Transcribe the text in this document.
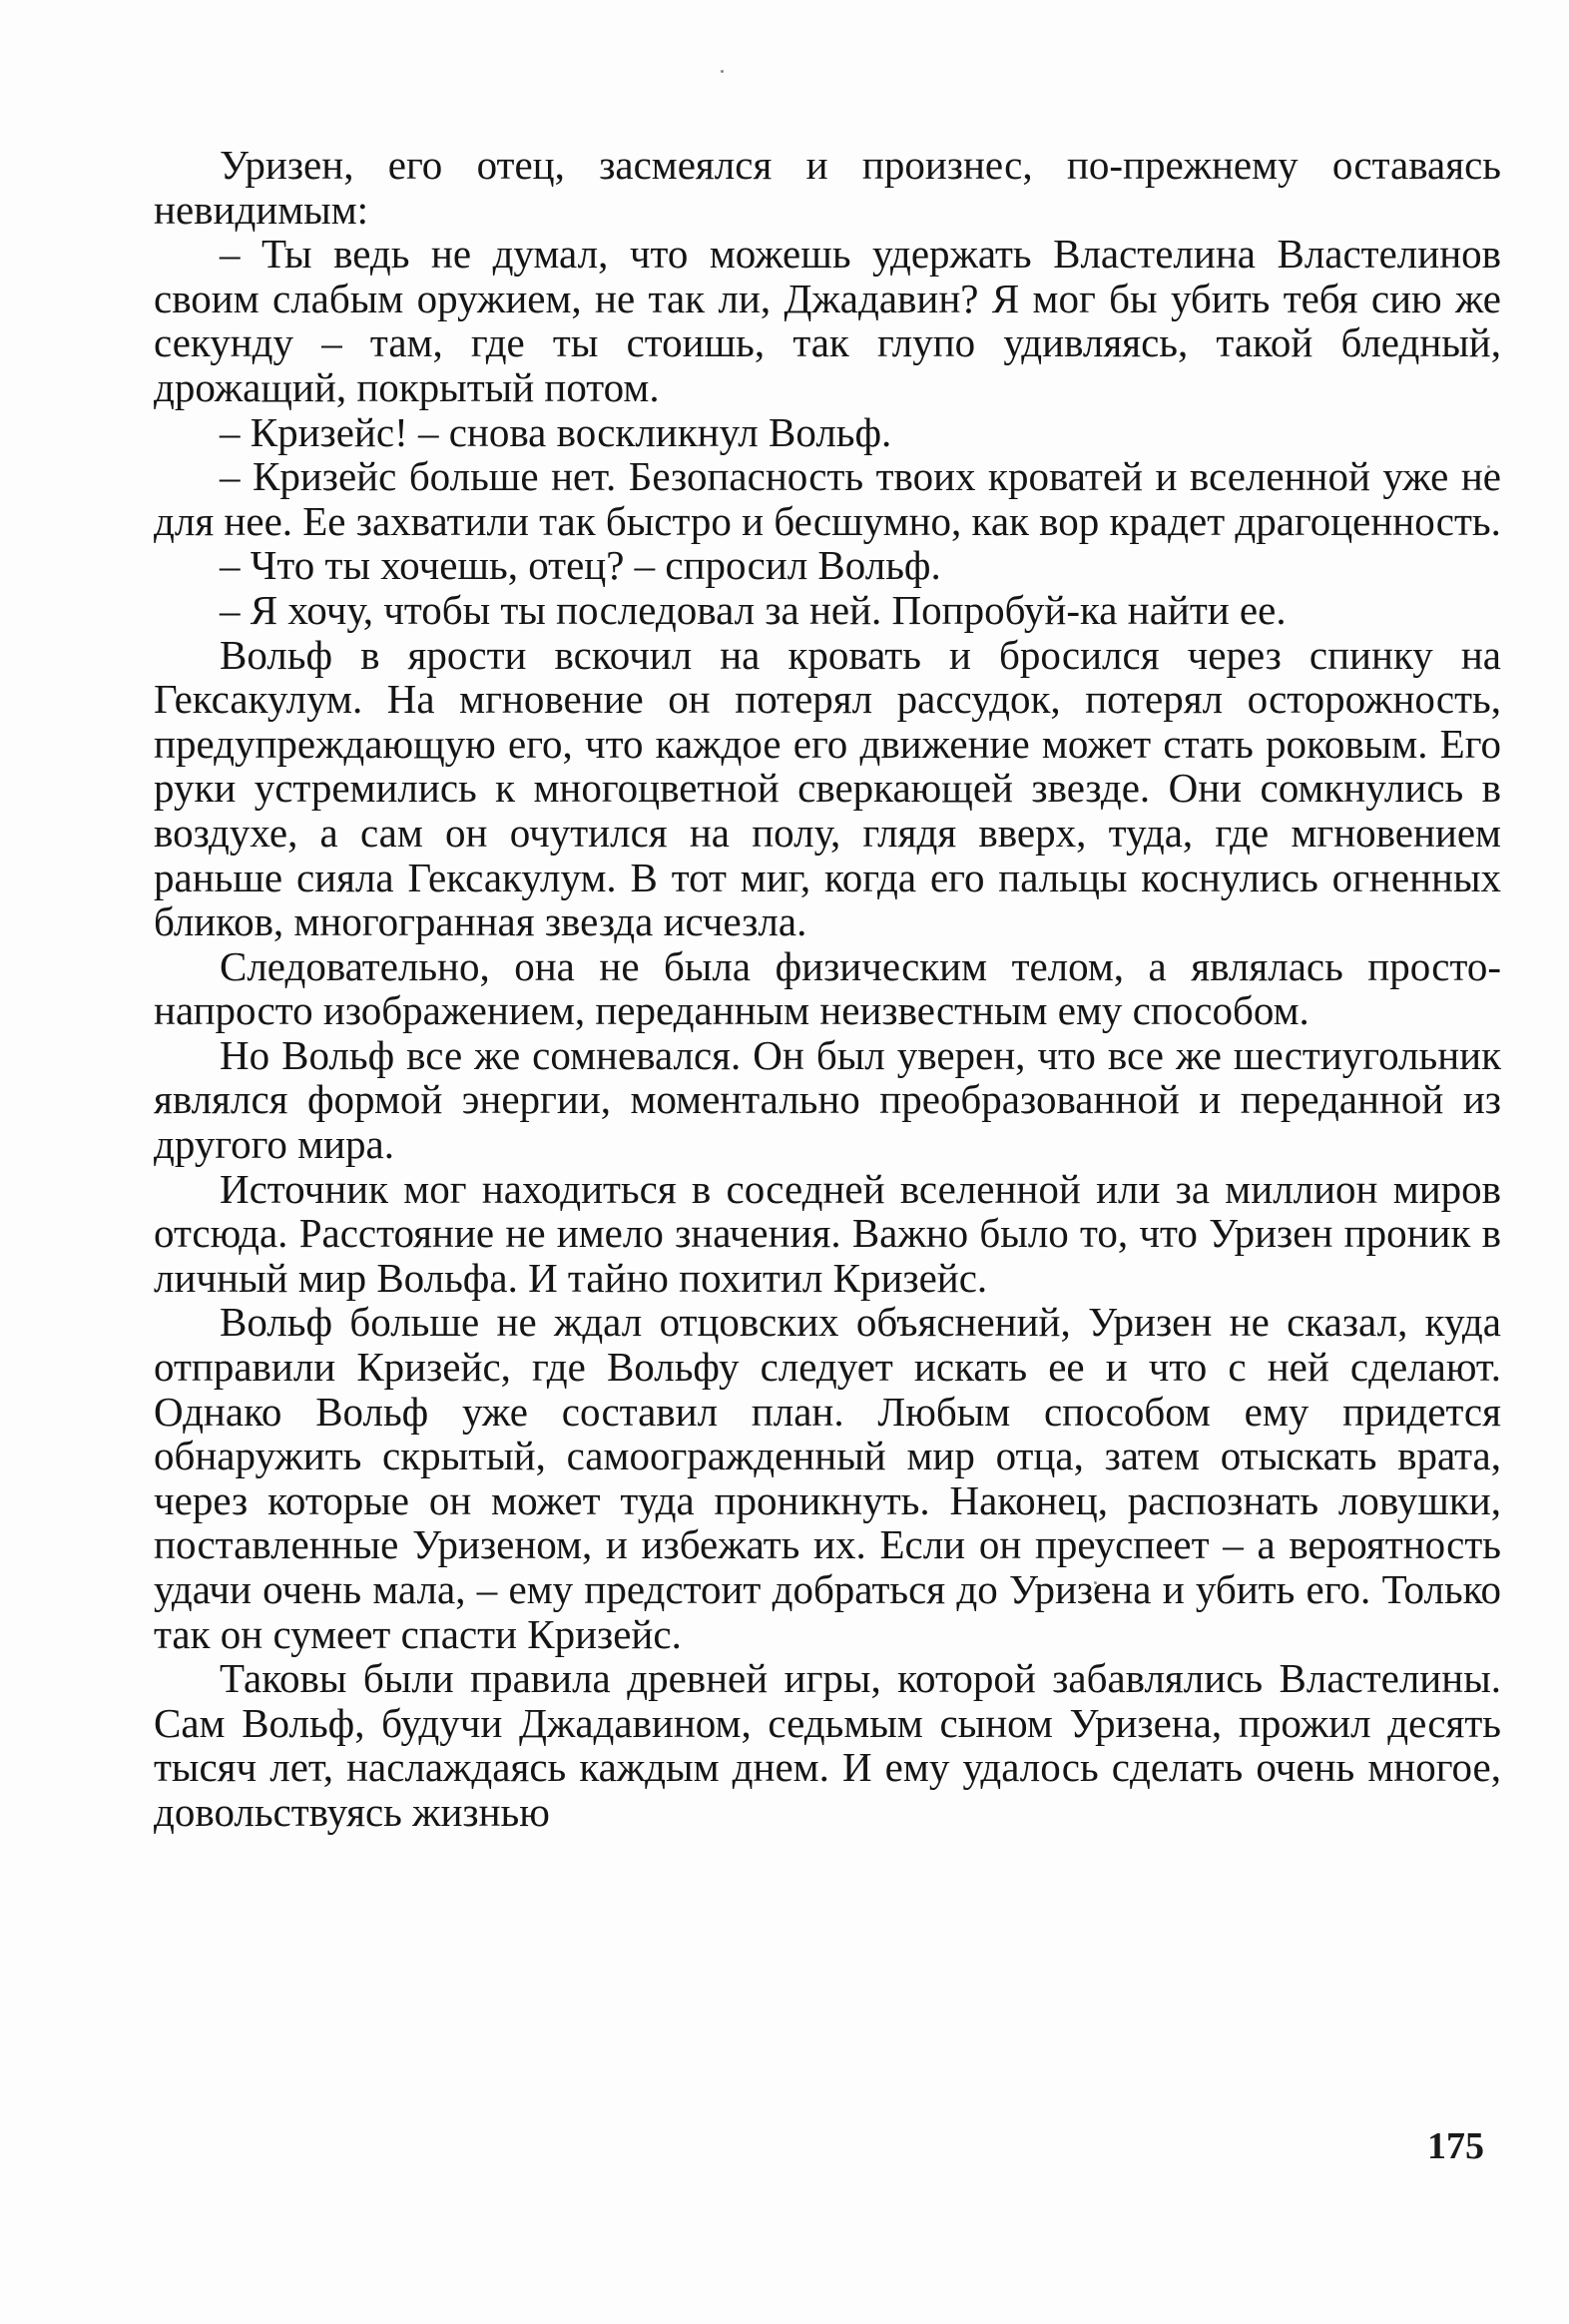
Уризен, его отец, засмеялся и произнес, по-прежнему оставаясь невидимым:

– Ты ведь не думал, что можешь удержать Властелина Властелинов своим слабым оружием, не так ли, Джадавин? Я мог бы убить тебя сию же секунду – там, где ты стоишь, так глупо удивляясь, такой бледный, дрожащий, покрытый потом.

– Кризейс! – снова воскликнул Вольф.

– Кризейс больше нет. Безопасность твоих кроватей и вселенной уже не для нее. Ее захватили так быстро и бесшумно, как вор крадет драгоценность.

– Что ты хочешь, отец? – спросил Вольф.

– Я хочу, чтобы ты последовал за ней. Попробуй-ка найти ее.

Вольф в ярости вскочил на кровать и бросился через спинку на Гексакулум. На мгновение он потерял рассудок, потерял осторожность, предупреждающую его, что каждое его движение может стать роковым. Его руки устремились к многоцветной сверкающей звезде. Они сомкнулись в воздухе, а сам он очутился на полу, глядя вверх, туда, где мгновением раньше сияла Гексакулум. В тот миг, когда его пальцы коснулись огненных бликов, многогранная звезда исчезла.

Следовательно, она не была физическим телом, а являлась просто-напросто изображением, переданным неизвестным ему способом.

Но Вольф все же сомневался. Он был уверен, что все же шестиугольник являлся формой энергии, моментально преобразованной и переданной из другого мира.

Источник мог находиться в соседней вселенной или за миллион миров отсюда. Расстояние не имело значения. Важно было то, что Уризен проник в личный мир Вольфа. И тайно похитил Кризейс.

Вольф больше не ждал отцовских объяснений, Уризен не сказал, куда отправили Кризейс, где Вольфу следует искать ее и что с ней сделают. Однако Вольф уже составил план. Любым способом ему придется обнаружить скрытый, самоогражденный мир отца, затем отыскать врата, через которые он может туда проникнуть. Наконец, распознать ловушки, поставленные Уризеном, и избежать их. Если он преуспеет – а вероятность удачи очень мала, – ему предстоит добраться до Уризена и убить его. Только так он сумеет спасти Кризейс.

Таковы были правила древней игры, которой забавлялись Властелины. Сам Вольф, будучи Джадавином, седьмым сыном Уризена, прожил десять тысяч лет, наслаждаясь каждым днем. И ему удалось сделать очень многое, довольствуясь жизнью

175
